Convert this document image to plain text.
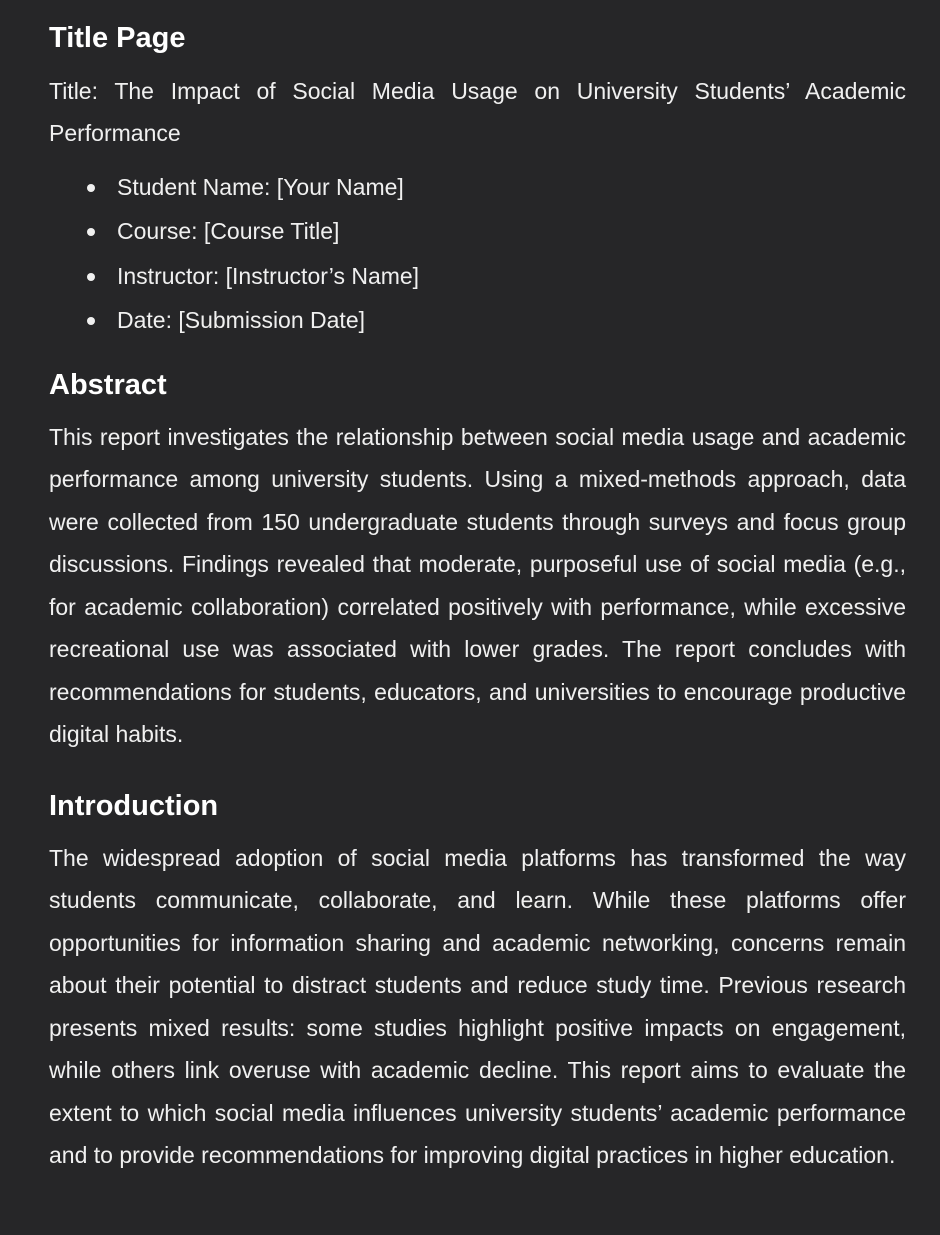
Title Page

Title: The Impact of Social Media Usage on University Students’ Academic Performance

Student Name: [Your Name]
Course: [Course Title]
Instructor: [Instructor’s Name]
Date: [Submission Date]
Abstract

This report investigates the relationship between social media usage and academic performance among university students. Using a mixed-methods approach, data were collected from 150 undergraduate students through surveys and focus group discussions. Findings revealed that moderate, purposeful use of social media (e.g., for academic collaboration) correlated positively with performance, while excessive recreational use was associated with lower grades. The report concludes with recommendations for students, educators, and universities to encourage productive digital habits.

Introduction

The widespread adoption of social media platforms has transformed the way students communicate, collaborate, and learn. While these platforms offer opportunities for information sharing and academic networking, concerns remain about their potential to distract students and reduce study time. Previous research presents mixed results: some studies highlight positive impacts on engagement, while others link overuse with academic decline. This report aims to evaluate the extent to which social media influences university students’ academic performance and to provide recommendations for improving digital practices in higher education.
